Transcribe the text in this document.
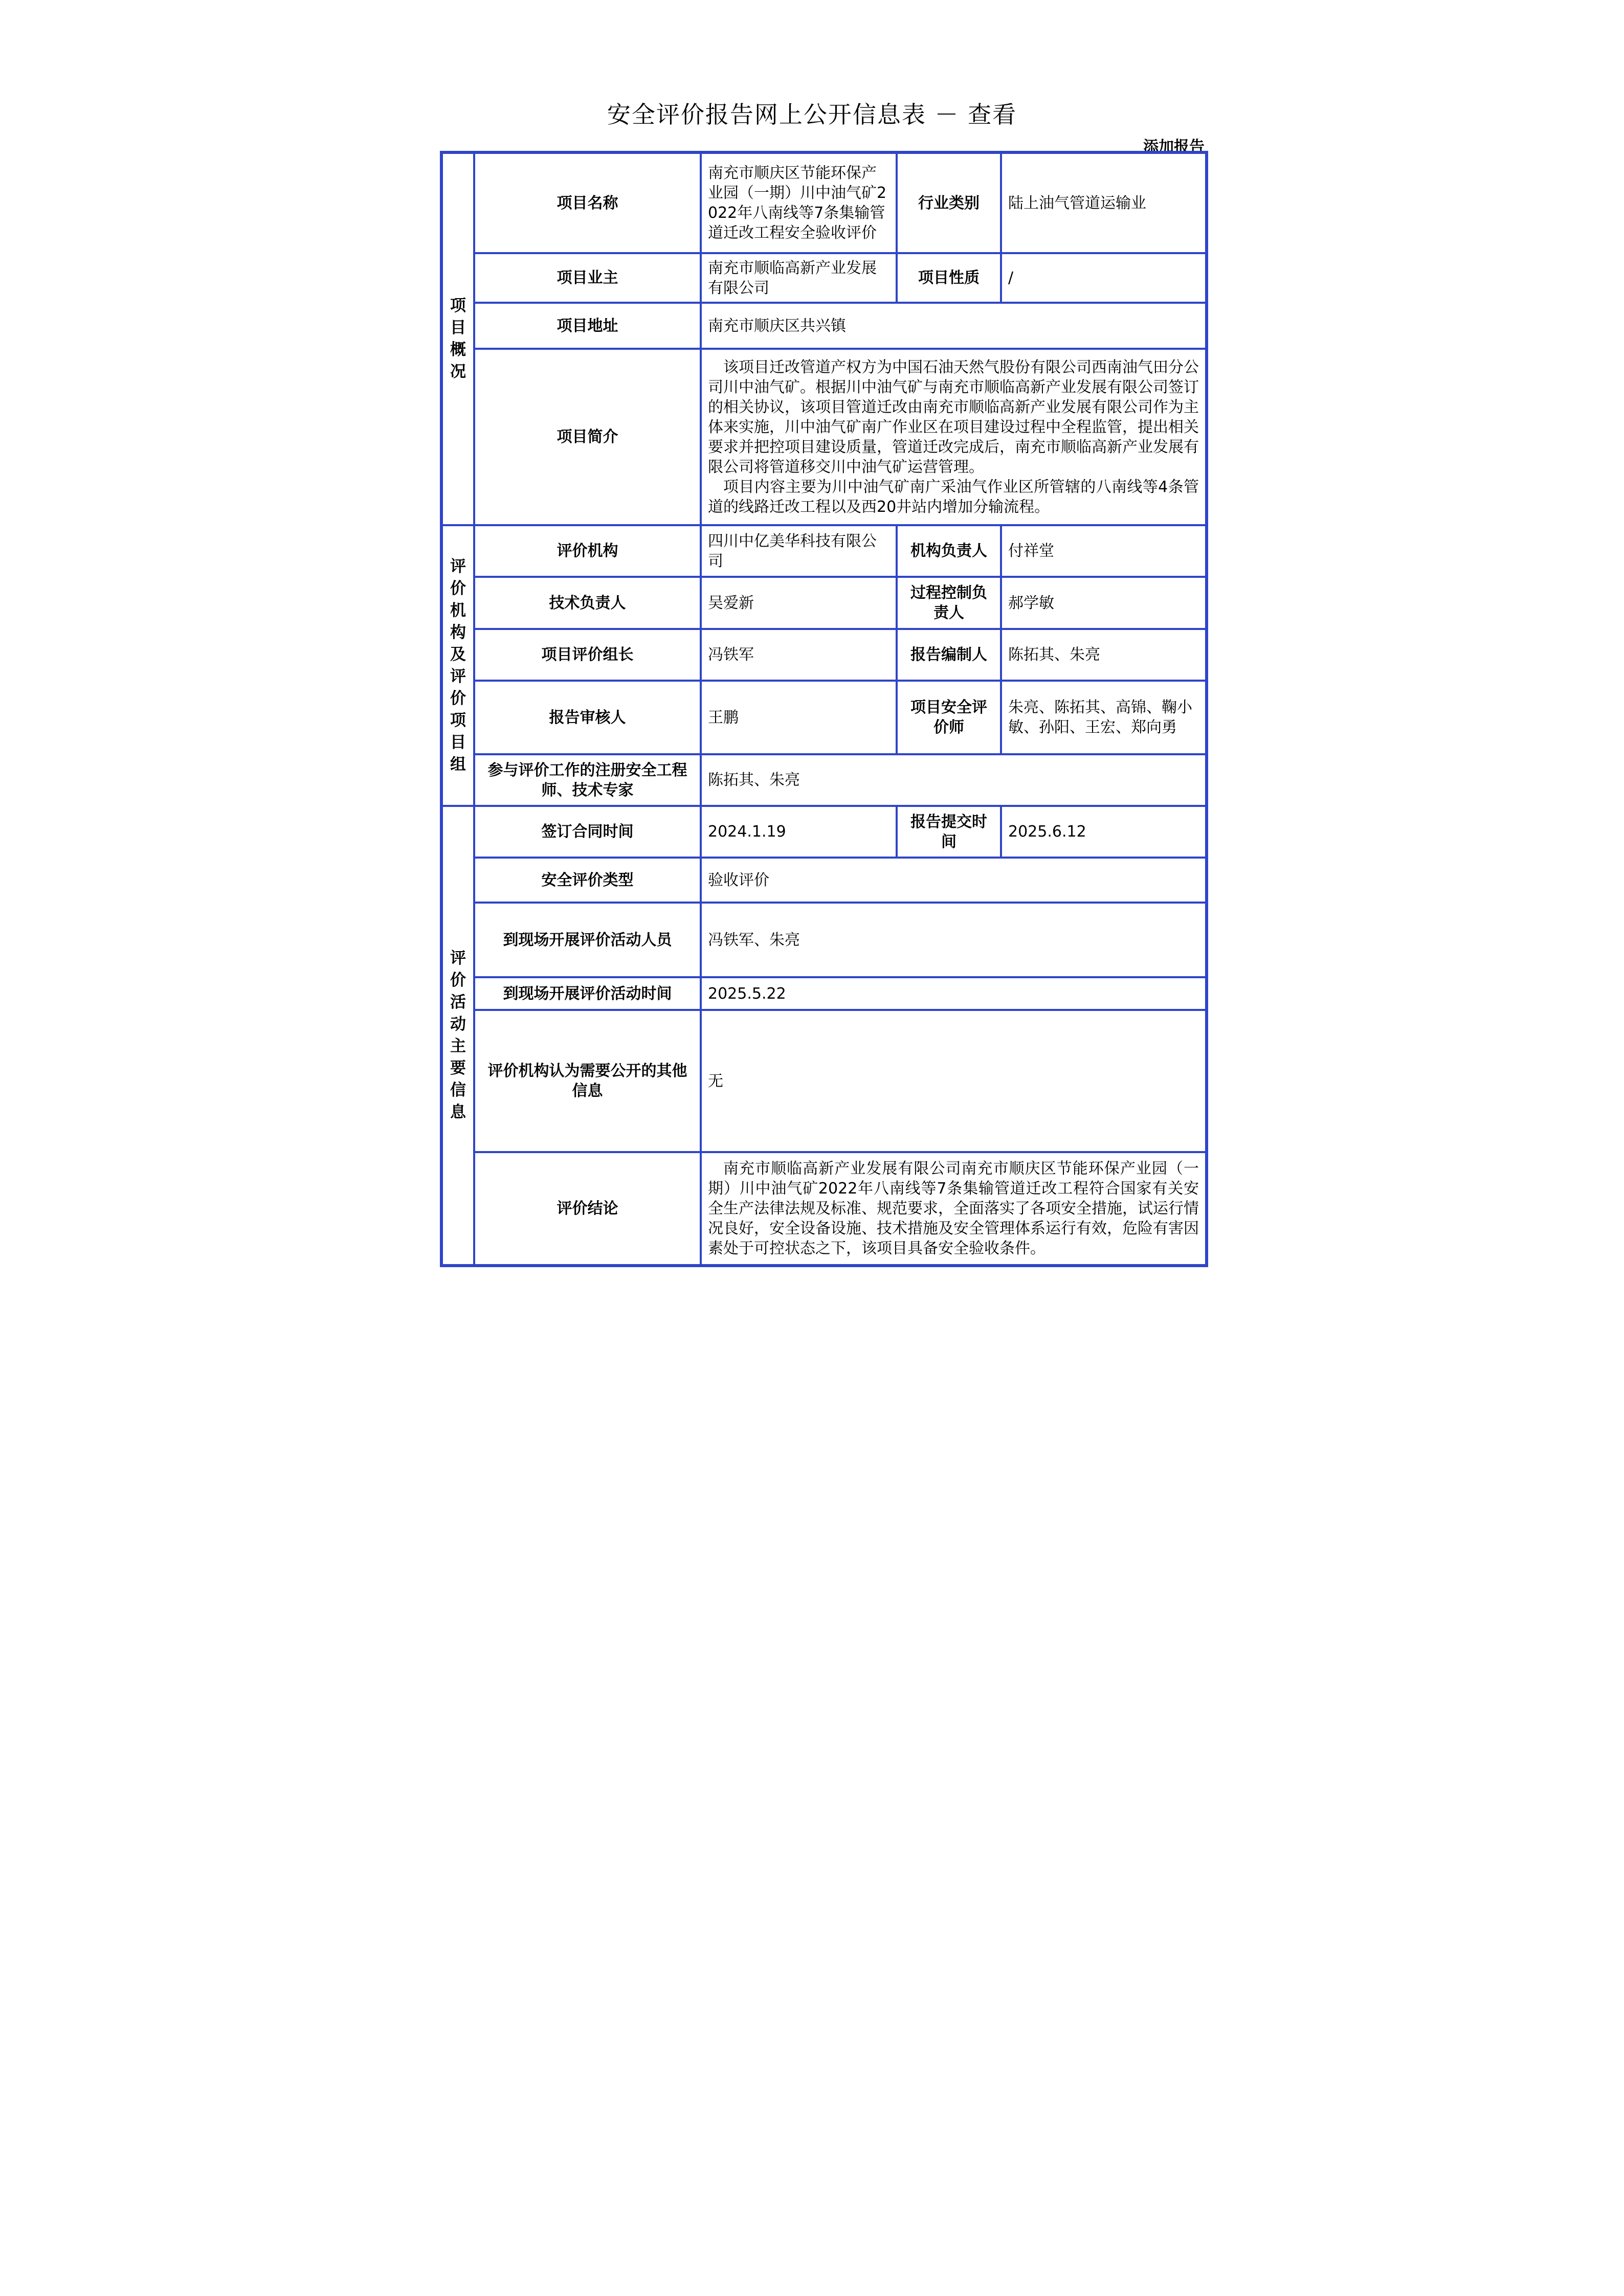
安全评价报告网上公开信息表 － 查看
添加报告
项目概况	项目名称	南充市顺庆区节能环保产业园（一期）川中油气矿2022年八南线等7条集输管道迁改工程安全验收评价	行业类别	陆上油气管道运输业
	项目业主	南充市顺临高新产业发展有限公司	项目性质	/
	项目地址	南充市顺庆区共兴镇		
	项目简介	该项目迁改管道产权方为中国石油天然气股份有限公司西南油气田分公司川中油气矿。根据川中油气矿与南充市顺临高新产业发展有限公司签订的相关协议，该项目管道迁改由南充市顺临高新产业发展有限公司作为主体来实施，川中油气矿南广作业区在项目建设过程中全程监管，提出相关要求并把控项目建设质量，管道迁改完成后，南充市顺临高新产业发展有限公司将管道移交川中油气矿运营管理。

项目内容主要为川中油气矿南广采油气作业区所管辖的八南线等4条管道的线路迁改工程以及西20井站内增加分输流程。		

评价机构及评价项目组	评价机构	四川中亿美华科技有限公司	机构负责人	付祥堂
	技术负责人	吴爱新	过程控制负责人	郝学敏
	项目评价组长	冯铁军	报告编制人	陈拓其、朱亮
	报告审核人	王鹏	项目安全评价师	朱亮、陈拓其、高锦、鞠小敏、孙阳、王宏、郑向勇
	参与评价工作的注册安全工程师、技术专家	陈拓其、朱亮		

评价活动主要信息	签订合同时间	2024.1.19	报告提交时间	2025.6.12
	安全评价类型	验收评价		
	到现场开展评价活动人员	冯铁军、朱亮		
	到现场开展评价活动时间	2025.5.22		
	评价机构认为需要公开的其他信息	无		
	评价结论	南充市顺临高新产业发展有限公司南充市顺庆区节能环保产业园（一期）川中油气矿2022年八南线等7条集输管道迁改工程符合国家有关安全生产法律法规及标准、规范要求，全面落实了各项安全措施，试运行情况良好，安全设备设施、技术措施及安全管理体系运行有效，危险有害因素处于可控状态之下，该项目具备安全验收条件。		
